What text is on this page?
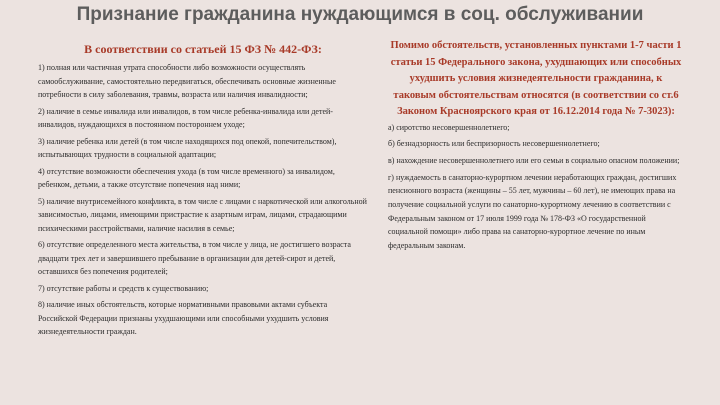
Признание гражданина нуждающимся в соц. обслуживании
В соответствии со статьей 15 ФЗ № 442-ФЗ:
1) полная или частичная утрата способности либо возможности осуществлять самообслуживание, самостоятельно передвигаться, обеспечивать основные жизненные потребности в силу заболевания, травмы, возраста или наличия инвалидности;
2) наличие в семье инвалида или инвалидов, в том числе ребенка-инвалида или детей-инвалидов, нуждающихся в постоянном постороннем уходе;
3) наличие ребенка или детей (в том числе находящихся под опекой, попечительством), испытывающих трудности в социальной адаптации;
4) отсутствие возможности обеспечения ухода (в том числе временного) за инвалидом, ребенком, детьми, а также отсутствие попечения над ними;
5) наличие внутрисемейного конфликта, в том числе с лицами с наркотической или алкогольной зависимостью, лицами, имеющими пристрастие к азартным играм, лицами, страдающими психическими расстройствами, наличие насилия в семье;
6) отсутствие определенного места жительства, в том числе у лица, не достигшего возраста двадцати трех лет и завершившего пребывание в организации для детей-сирот и детей, оставшихся без попечения родителей;
7) отсутствие работы и средств к существованию;
8) наличие иных обстоятельств, которые нормативными правовыми актами субъекта Российской Федерации признаны ухудшающими или способными ухудшить условия жизнедеятельности граждан.
Помимо обстоятельств, установленных пунктами 1-7 части 1 статьи 15 Федерального закона, ухудшающих или способных ухудшить условия жизнедеятельности гражданина, к таковым обстоятельствам относятся (в соответствии со ст.6 Законом Красноярского края от 16.12.2014 года № 7-3023):
а) сиротство несовершеннолетнего;
б) безнадзорность или беспризорность несовершеннолетнего;
в) нахождение несовершеннолетнего или его семьи в социально опасном положении;
г) нуждаемость в санаторно-курортном лечении неработающих граждан, достигших пенсионного возраста (женщины – 55 лет, мужчины – 60 лет), не имеющих права на получение социальной услуги по санаторно-курортному лечению в соответствии с Федеральным законом от 17 июля 1999 года № 178-ФЗ «О государственной социальной помощи» либо права на санаторно-курортное лечение по иным федеральным законам.
